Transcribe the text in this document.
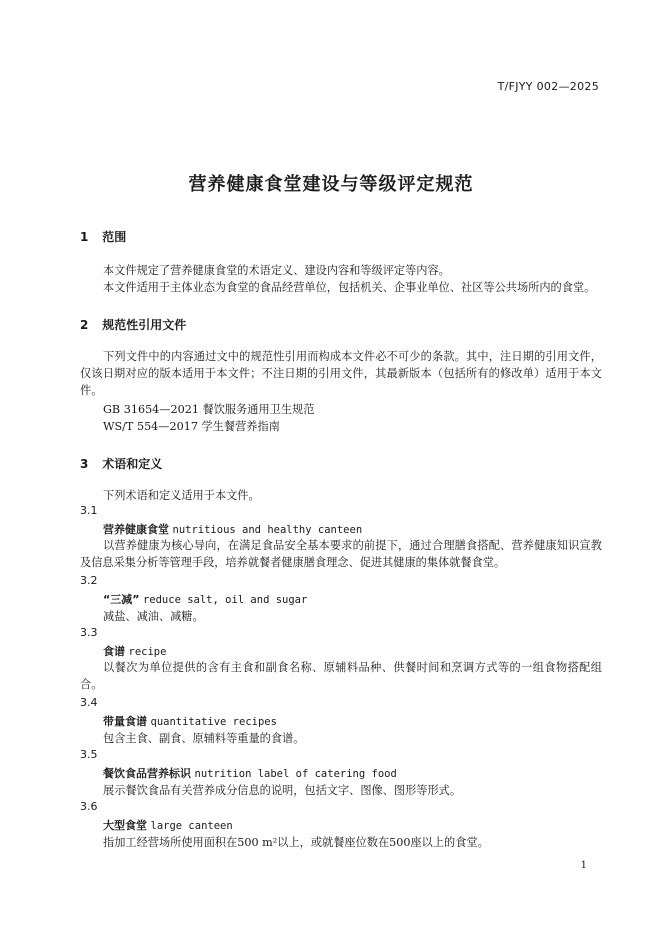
T/FJYY 002—2025
营养健康食堂建设与等级评定规范
1 范围
本文件规定了营养健康食堂的术语定义、建设内容和等级评定等内容。
本文件适用于主体业态为食堂的食品经营单位，包括机关、企事业单位、社区等公共场所内的食堂。
2 规范性引用文件
下列文件中的内容通过文中的规范性引用而构成本文件必不可少的条款。其中，注日期的引用文件，仅该日期对应的版本适用于本文件；不注日期的引用文件，其最新版本（包括所有的修改单）适用于本文件。
GB 31654—2021 餐饮服务通用卫生规范
WS/T 554—2017 学生餐营养指南
3 术语和定义
下列术语和定义适用于本文件。
3.1
营养健康食堂 nutritious and healthy canteen
以营养健康为核心导向，在满足食品安全基本要求的前提下，通过合理膳食搭配、营养健康知识宣教及信息采集分析等管理手段，培养就餐者健康膳食理念、促进其健康的集体就餐食堂。
3.2
“三减” reduce salt, oil and sugar
减盐、减油、减糖。
3.3
食谱 recipe
以餐次为单位提供的含有主食和副食名称、原辅料品种、供餐时间和烹调方式等的一组食物搭配组合。
3.4
带量食谱 quantitative recipes
包含主食、副食、原辅料等重量的食谱。
3.5
餐饮食品营养标识 nutrition label of catering food
展示餐饮食品有关营养成分信息的说明，包括文字、图像、图形等形式。
3.6
大型食堂 large canteen
指加工经营场所使用面积在500 m²以上，或就餐座位数在500座以上的食堂。
1
